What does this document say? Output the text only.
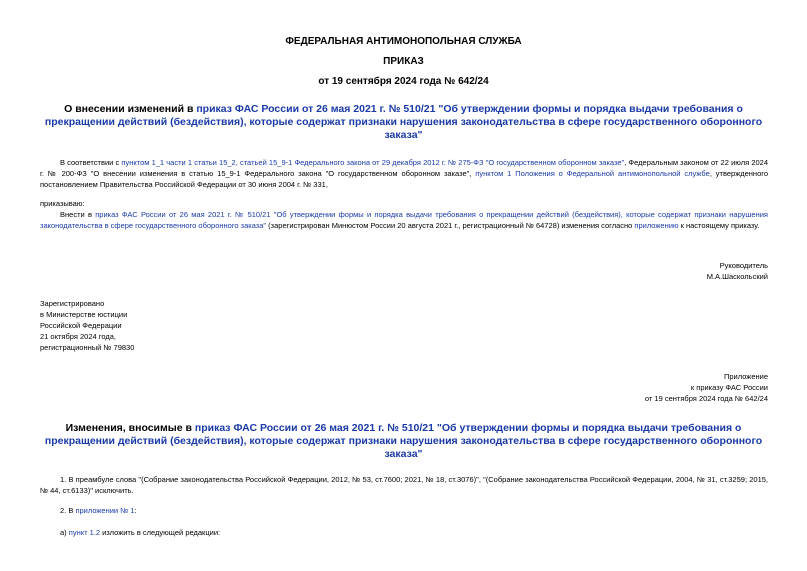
ФЕДЕРАЛЬНАЯ АНТИМОНОПОЛЬНАЯ СЛУЖБА
ПРИКАЗ
от 19 сентября 2024 года № 642/24
О внесении изменений в приказ ФАС России от 26 мая 2021 г. № 510/21 "Об утверждении формы и порядка выдачи требования о прекращении действий (бездействия), которые содержат признаки нарушения законодательства в сфере государственного оборонного заказа"
В соответствии с пунктом 1_1 части 1 статьи 15_2, статьей 15_9-1 Федерального закона от 29 декабря 2012 г. № 275-ФЗ "О государственном оборонном заказе", Федеральным законом от 22 июля 2024 г. № 200-ФЗ "О внесении изменения в статью 15_9-1 Федерального закона "О государственном оборонном заказе", пунктом 1 Положения о Федеральной антимонопольной службе, утвержденного постановлением Правительства Российской Федерации от 30 июня 2004 г. № 331,
приказываю:
Внести в приказ ФАС России от 26 мая 2021 г. № 510/21 "Об утверждении формы и порядка выдачи требования о прекращении действий (бездействия), которые содержат признаки нарушения законодательства в сфере государственного оборонного заказа" (зарегистрирован Минюстом России 20 августа 2021 г., регистрационный № 64728) изменения согласно приложению к настоящему приказу.
Руководитель
М.А.Шаскольский
Зарегистрировано
в Министерстве юстиции
Российской Федерации
21 октября 2024 года,
регистрационный № 79830
Приложение
к приказу ФАС России
от 19 сентября 2024 года № 642/24
Изменения, вносимые в приказ ФАС России от 26 мая 2021 г. № 510/21 "Об утверждении формы и порядка выдачи требования о прекращении действий (бездействия), которые содержат признаки нарушения законодательства в сфере государственного оборонного заказа"
1. В преамбуле слова "(Собрание законодательства Российской Федерации, 2012, № 53, ст.7600; 2021, № 18, ст.3076)", "(Собрание законодательства Российской Федерации, 2004, № 31, ст.3259; 2015, № 44, ст.6133)" исключить.
2. В приложении № 1:
а) пункт 1.2 изложить в следующей редакции:
